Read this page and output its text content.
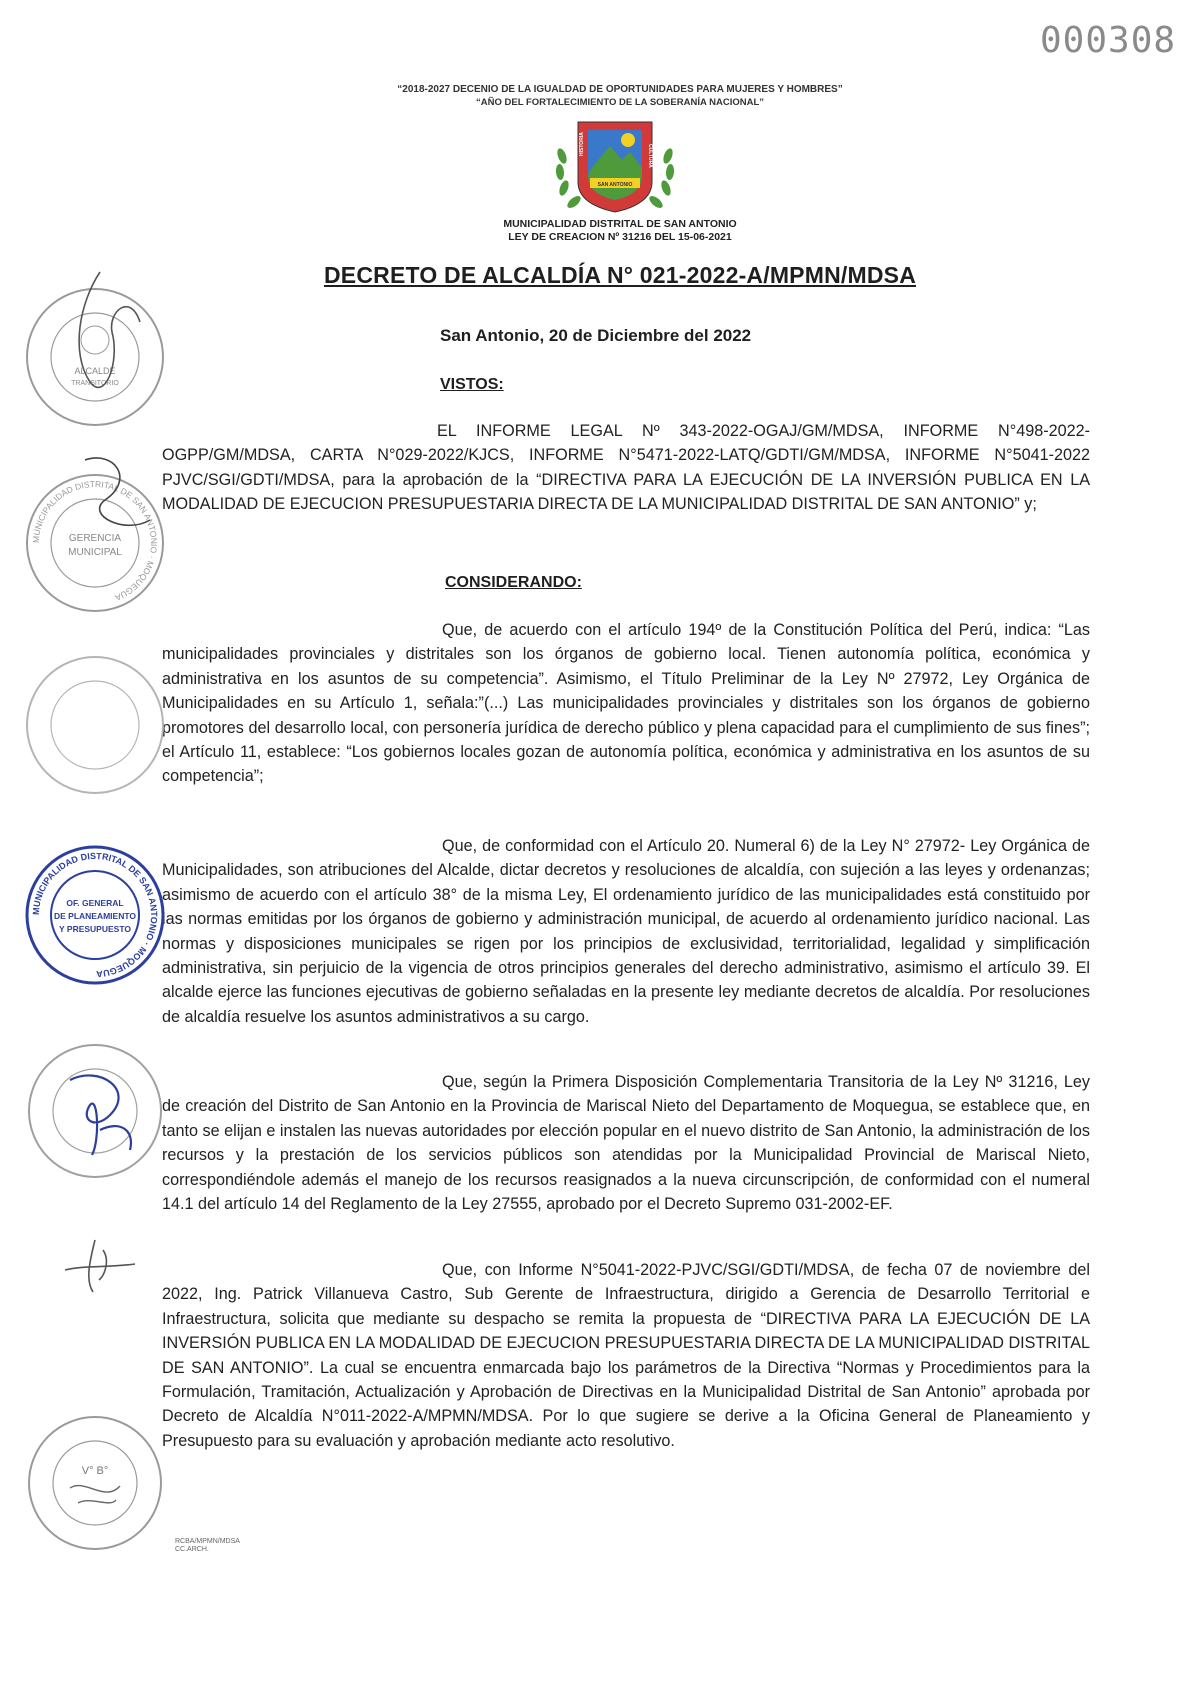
000308
“2018-2027 DECENIO DE LA IGUALDAD DE OPORTUNIDADES PARA MUJERES Y HOMBRES”
“AÑO DEL FORTALECIMIENTO DE LA SOBERANÍA NACIONAL”
HISTORIA	CULTURA
SAN ANTONIO
MUNICIPALIDAD DISTRITAL DE SAN ANTONIO
LEY DE CREACION Nº 31216 DEL 15-06-2021
DECRETO DE ALCALDÍA N° 021-2022-A/MPMN/MDSA
San Antonio, 20 de Diciembre del 2022
VISTOS:
CONSIDERANDO:
EL INFORME LEGAL Nº 343-2022-OGAJ/GM/MDSA, INFORME N°498-2022-OGPP/GM/MDSA, CARTA N°029-2022/KJCS, INFORME N°5471-2022-LATQ/GDTI/GM/MDSA, INFORME N°5041-2022 PJVC/SGI/GDTI/MDSA, para la aprobación de la “DIRECTIVA PARA LA EJECUCIÓN DE LA INVERSIÓN PUBLICA EN LA MODALIDAD DE EJECUCION PRESUPUESTARIA DIRECTA DE LA MUNICIPALIDAD DISTRITAL DE SAN ANTONIO” y;
Que, de acuerdo con el artículo 194º de la Constitución Política del Perú, indica: “Las municipalidades provinciales y distritales son los órganos de gobierno local. Tienen autonomía política, económica y administrativa en los asuntos de su competencia”. Asimismo, el Título Preliminar de la Ley Nº 27972, Ley Orgánica de Municipalidades en su Artículo 1, señala:”(...) Las municipalidades provinciales y distritales son los órganos de gobierno promotores del desarrollo local, con personería jurídica de derecho público y plena capacidad para el cumplimiento de sus fines”; el Artículo 11, establece: “Los gobiernos locales gozan de autonomía política, económica y administrativa en los asuntos de su competencia”;
Que, de conformidad con el Artículo 20. Numeral 6) de la Ley N° 27972- Ley Orgánica de Municipalidades, son atribuciones del Alcalde, dictar decretos y resoluciones de alcaldía, con sujeción a las leyes y ordenanzas; asimismo de acuerdo con el artículo 38° de la misma Ley, El ordenamiento jurídico de las municipalidades está constituido por las normas emitidas por los órganos de gobierno y administración municipal, de acuerdo al ordenamiento jurídico nacional. Las normas y disposiciones municipales se rigen por los principios de exclusividad, territorialidad, legalidad y simplificación administrativa, sin perjuicio de la vigencia de otros principios generales del derecho administrativo, asimismo el artículo 39. El alcalde ejerce las funciones ejecutivas de gobierno señaladas en la presente ley mediante decretos de alcaldía. Por resoluciones de alcaldía resuelve los asuntos administrativos a su cargo.
Que, según la Primera Disposición Complementaria Transitoria de la Ley Nº 31216, Ley de creación del Distrito de San Antonio en la Provincia de Mariscal Nieto del Departamento de Moquegua, se establece que, en tanto se elijan e instalen las nuevas autoridades por elección popular en el nuevo distrito de San Antonio, la administración de los recursos y la prestación de los servicios públicos son atendidas por la Municipalidad Provincial de Mariscal Nieto, correspondiéndole además el manejo de los recursos reasignados a la nueva circunscripción, de conformidad con el numeral 14.1 del artículo 14 del Reglamento de la Ley 27555, aprobado por el Decreto Supremo 031-2002-EF.
Que, con Informe N°5041-2022-PJVC/SGI/GDTI/MDSA, de fecha 07 de noviembre del 2022, Ing. Patrick Villanueva Castro, Sub Gerente de Infraestructura, dirigido a Gerencia de Desarrollo Territorial e Infraestructura, solicita que mediante su despacho se remita la propuesta de “DIRECTIVA PARA LA EJECUCIÓN DE LA INVERSIÓN PUBLICA EN LA MODALIDAD DE EJECUCION PRESUPUESTARIA DIRECTA DE LA MUNICIPALIDAD DISTRITAL DE SAN ANTONIO”. La cual se encuentra enmarcada bajo los parámetros de la Directiva “Normas y Procedimientos para la Formulación, Tramitación, Actualización y Aprobación de Directivas en la Municipalidad Distrital de San Antonio” aprobada por Decreto de Alcaldía N°011-2022-A/MPMN/MDSA. Por lo que sugiere se derive a la Oficina General de Planeamiento y Presupuesto para su evaluación y aprobación mediante acto resolutivo.
RCBA/MPMN/MDSA
CC.ARCH.
ALCALDE
TRANSITORIO
MUNICIPALIDAD DISTRITAL DE SAN ANTONIO · MOQUEGUA
GERENCIA
MUNICIPAL
MUNICIPALIDAD DISTRITAL DE SAN ANTONIO · MOQUEGUA
OF. GENERAL
DE PLANEAMIENTO
Y PRESUPUESTO
V° B°
